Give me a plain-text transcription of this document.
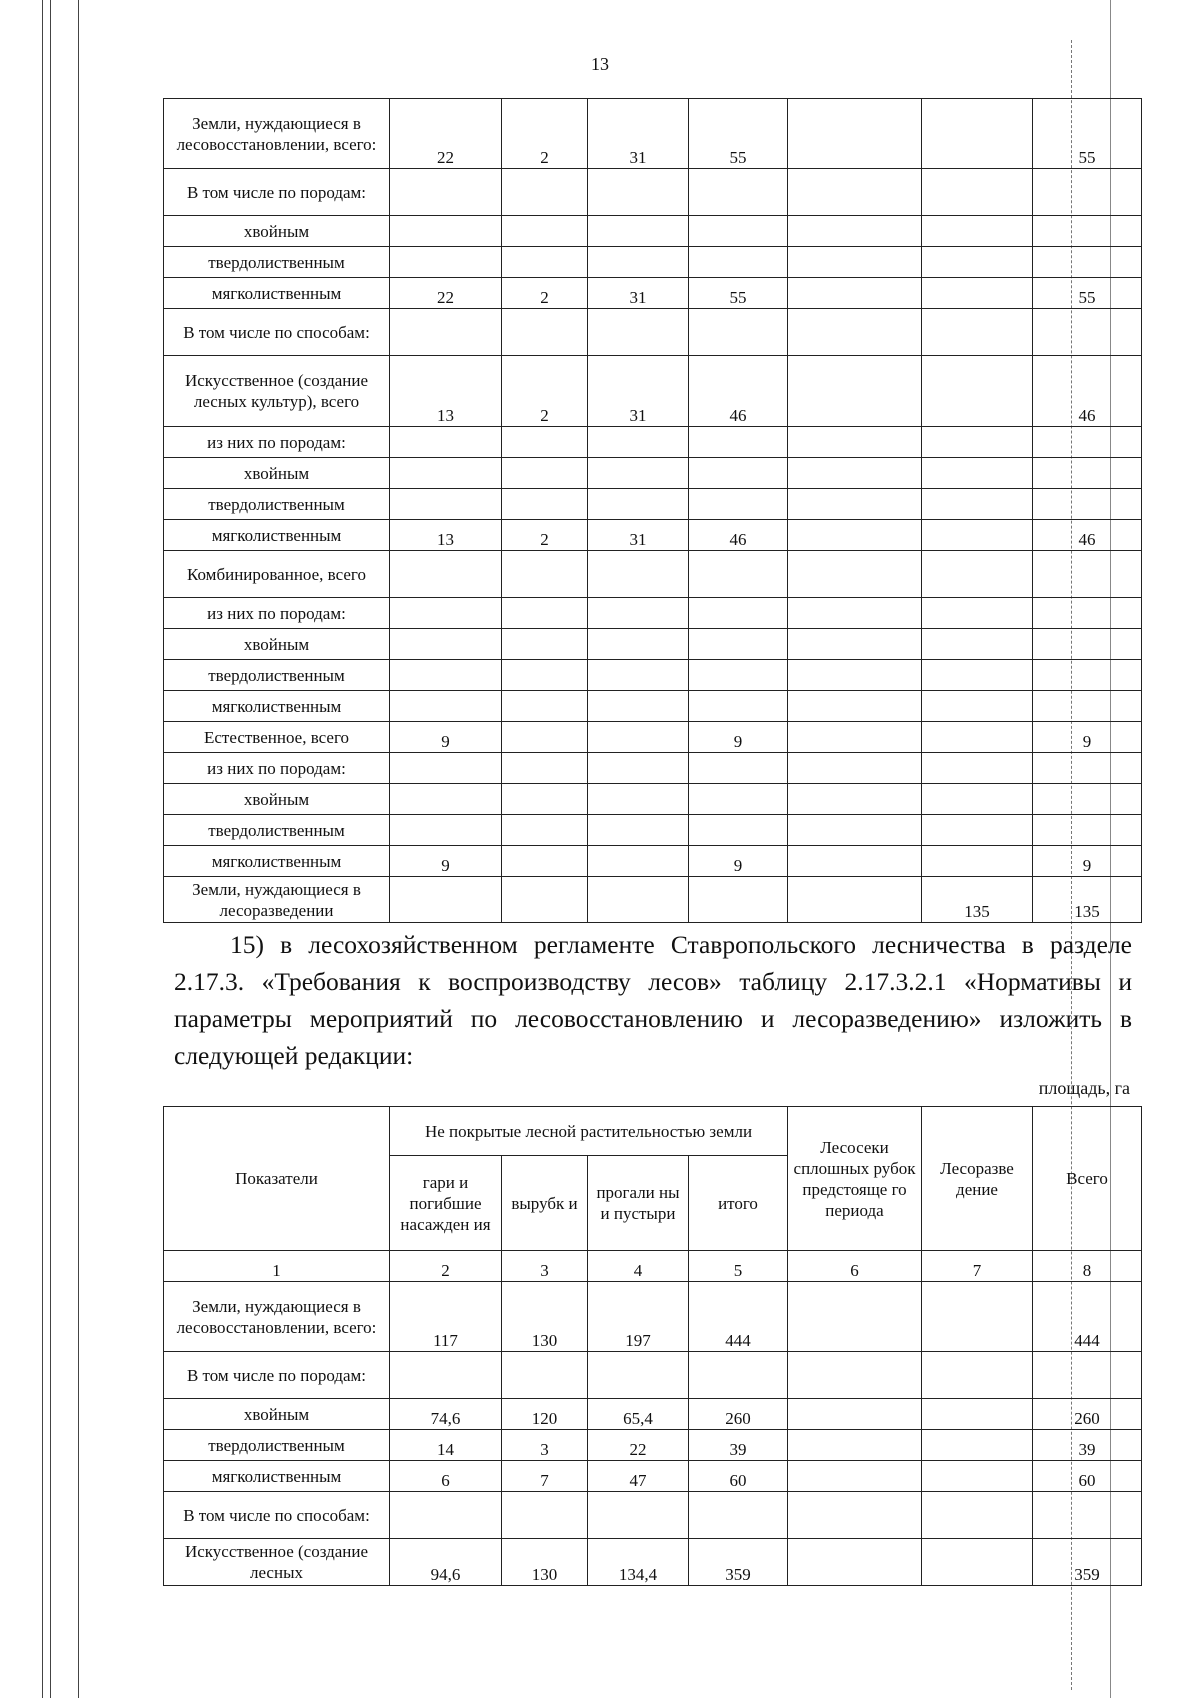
13
Земли, нуждающиеся в лесовосстановлении, всего:	22	2	31	55			55
В том числе по породам:							
хвойным							
твердолиственным							
мягколиственным	22	2	31	55			55
В том числе по способам:							
Искусственное (создание лесных культур), всего	13	2	31	46			46
из них по породам:							
хвойным							
твердолиственным							
мягколиственным	13	2	31	46			46
Комбинированное, всего							
из них по породам:							
хвойным							
твердолиственным							
мягколиственным							
Естественное, всего	9			9			9
из них по породам:							
хвойным							
твердолиственным							
мягколиственным	9			9			9
Земли, нуждающиеся в лесоразведении						135	135
15) в лесохозяйственном регламенте Ставропольского лесничества в разделе 2.17.3. «Требования к воспроизводству лесов» таблицу 2.17.3.2.1 «Нормативы и параметры мероприятий по лесовосстановлению и лесоразведению» изложить в следующей редакции:
площадь, га
Показатели	Не покрытые лесной растительностью земли				Лесосеки сплошных рубок предстояще го периода	Лесоразве дение	Всего
	гари и погибшие насажден ия	вырубк и	прогали ны и пустыри	итого			
1	2	3	4	5	6	7	8
Земли, нуждающиеся в лесовосстановлении, всего:	117	130	197	444			444
В том числе по породам:							
хвойным	74,6	120	65,4	260			260
твердолиственным	14	3	22	39			39
мягколиственным	6	7	47	60			60
В том числе по способам:							
Искусственное (создание лесных	94,6	130	134,4	359			359
